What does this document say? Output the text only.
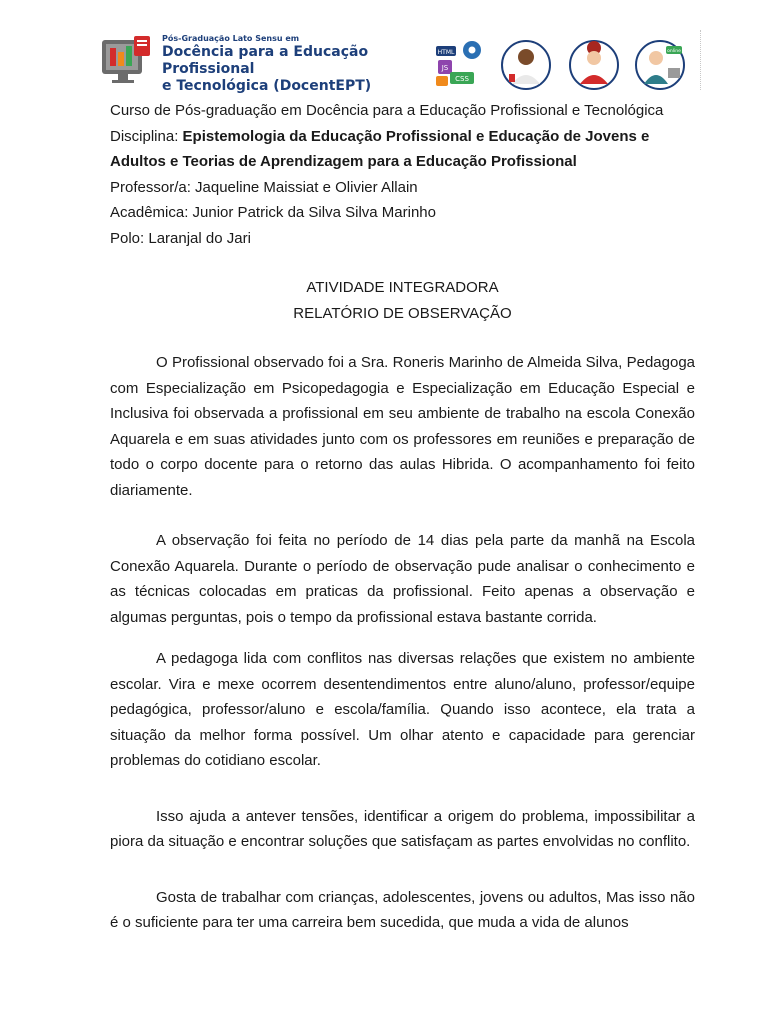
Pós-Graduação Lato Sensu em
Docência para a Educação Profissional
e Tecnológica (DocentEPT)
HTML
JS
CSS
online

Curso de Pós-graduação em Docência para a Educação Profissional e Tecnológica

Disciplina: Epistemologia da Educação Profissional e Educação de Jovens e

Adultos e Teorias de Aprendizagem para a Educação Profissional

Professor/a: Jaqueline Maissiat e Olivier Allain

Acadêmica: Junior Patrick da Silva Silva Marinho

Polo: Laranjal do Jari

ATIVIDADE INTEGRADORA

RELATÓRIO DE OBSERVAÇÃO

O Profissional observado foi a Sra. Roneris Marinho de Almeida Silva, Pedagoga com Especialização em Psicopedagogia e Especialização em Educação Especial e Inclusiva foi observada a profissional em seu ambiente de trabalho na escola Conexão Aquarela e em suas atividades junto com os professores em reuniões e preparação de todo o corpo docente para o retorno das aulas Hibrida. O acompanhamento foi feito diariamente.

A observação foi feita no período de 14 dias pela parte da manhã na Escola Conexão Aquarela. Durante o período de observação pude analisar o conhecimento e as técnicas colocadas em praticas da profissional. Feito apenas a observação e algumas perguntas, pois o tempo da profissional estava bastante corrida.

A pedagoga lida com conflitos nas diversas relações que existem no ambiente escolar. Vira e mexe ocorrem desentendimentos entre aluno/aluno, professor/equipe pedagógica, professor/aluno e escola/família. Quando isso acontece, ela trata a situação da melhor forma possível. Um olhar atento e capacidade para gerenciar problemas do cotidiano escolar.

Isso ajuda a antever tensões, identificar a origem do problema, impossibilitar a piora da situação e encontrar soluções que satisfaçam as partes envolvidas no conflito.

Gosta de trabalhar com crianças, adolescentes, jovens ou adultos, Mas isso não é o suficiente para ter uma carreira bem sucedida, que muda a vida de alunos
